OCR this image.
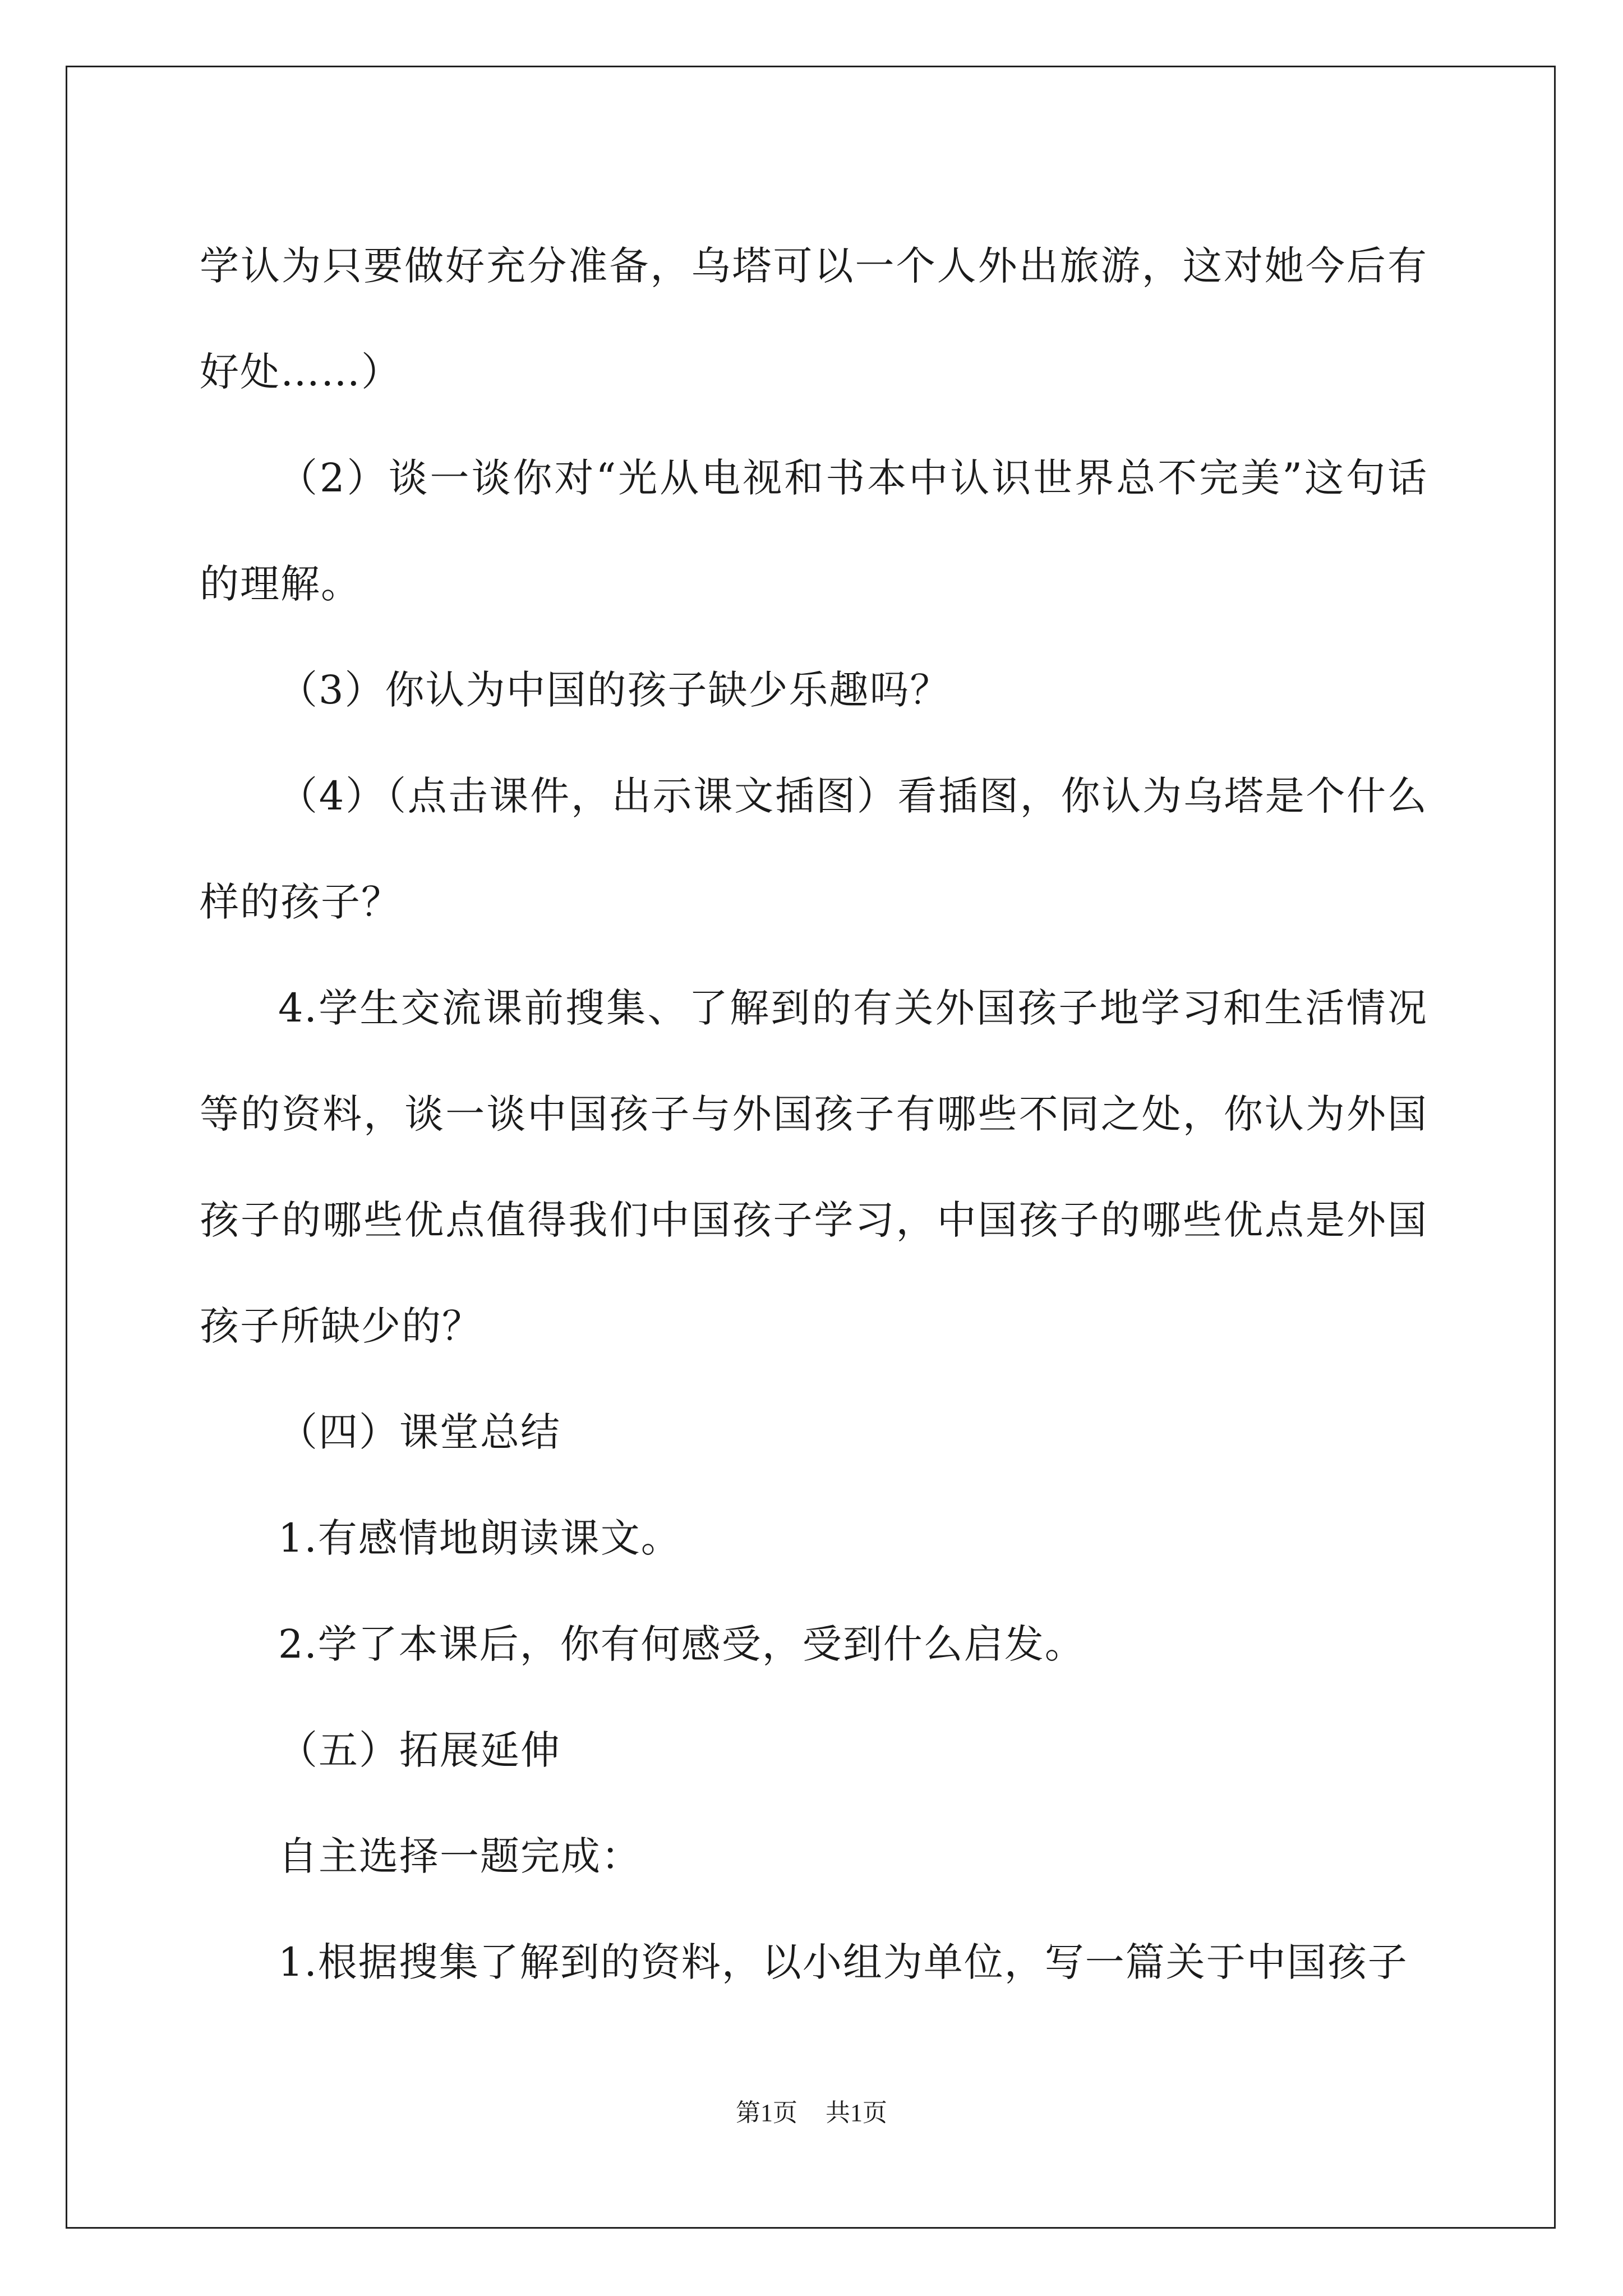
学认为只要做好充分准备，乌塔可以一个人外出旅游，这对她今后有好处……）

（2）谈一谈你对“光从电视和书本中认识世界总不完美”这句话的理解。

（3）你认为中国的孩子缺少乐趣吗？

（4）（点击课件，出示课文插图）看插图，你认为乌塔是个什么样的孩子？

4.学生交流课前搜集、了解到的有关外国孩子地学习和生活情况等的资料，谈一谈中国孩子与外国孩子有哪些不同之处，你认为外国孩子的哪些优点值得我们中国孩子学习，中国孩子的哪些优点是外国孩子所缺少的？

（四）课堂总结

1.有感情地朗读课文。

2.学了本课后，你有何感受，受到什么启发。

（五）拓展延伸

自主选择一题完成：

1.根据搜集了解到的资料，以小组为单位，写一篇关于中国孩子

第1页 共1页
